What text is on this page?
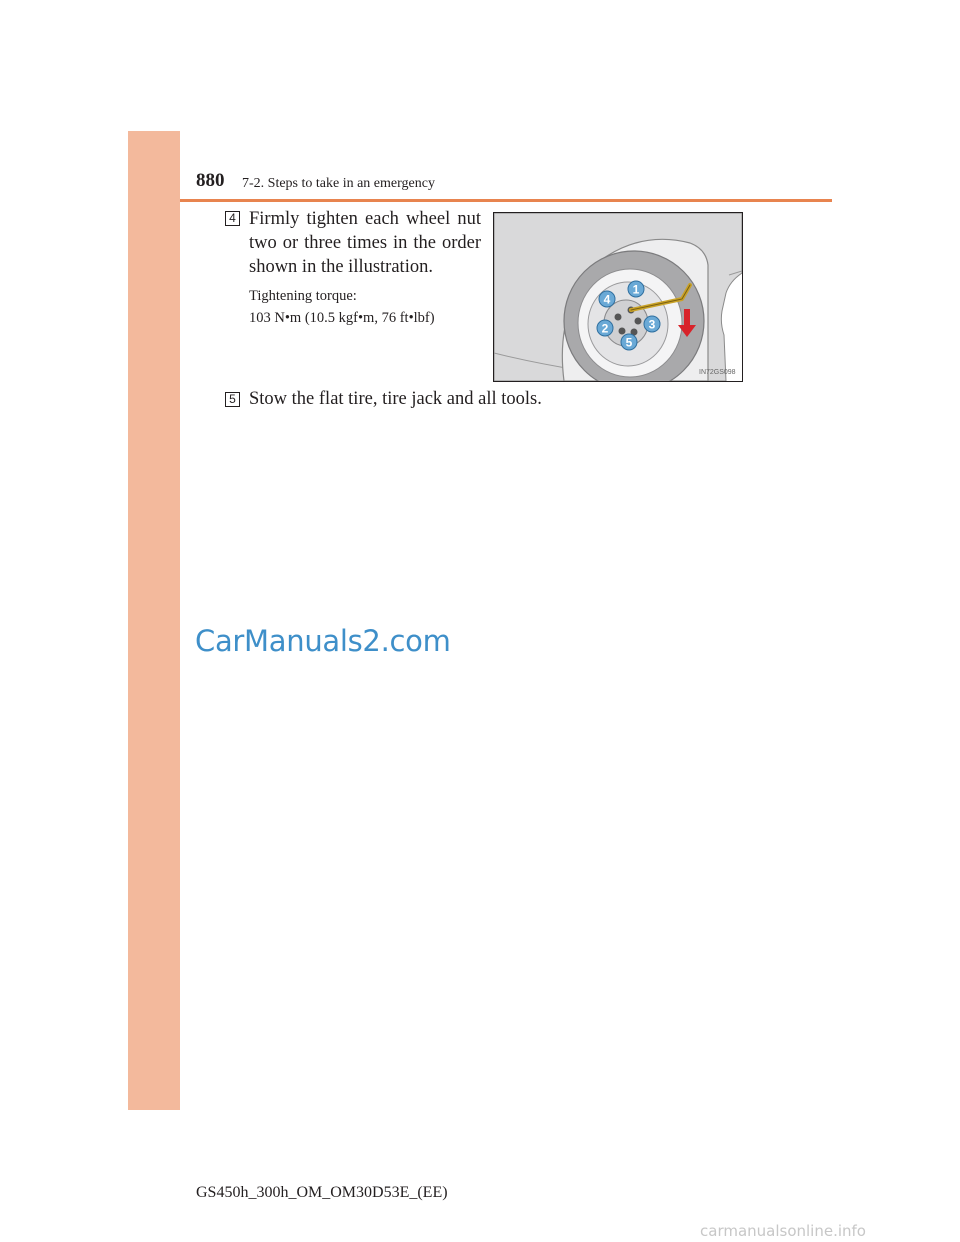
880 7-2. Steps to take in an emergency
4 Firmly tighten each wheel nut two or three times in the order shown in the illustration.
Tightening torque:
103 N•m (10.5 kgf•m, 76 ft•lbf)
1
2	3
4
5
IN72GS098
5 Stow the flat tire, tire jack and all tools.
CarManuals2.com
GS450h_300h_OM_OM30D53E_(EE)
carmanualsonline.info
